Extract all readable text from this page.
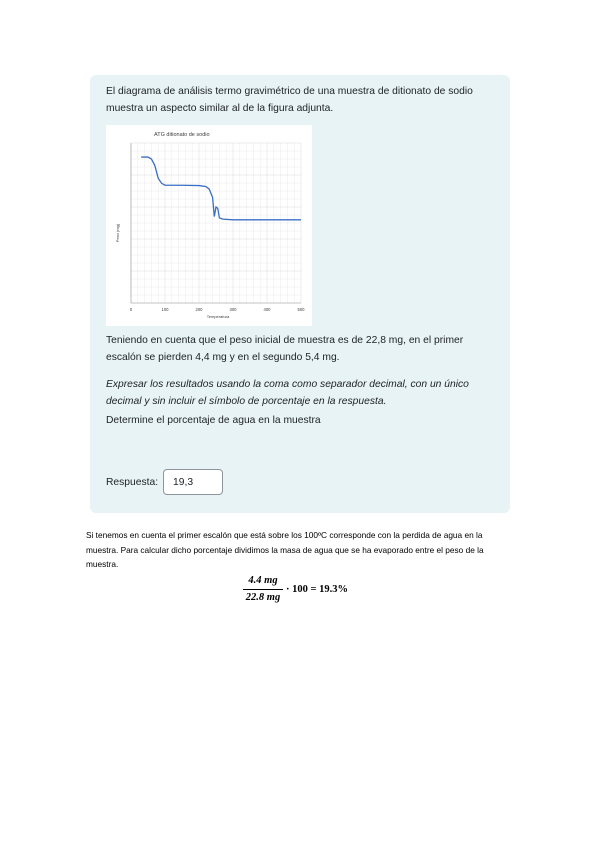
El diagrama de análisis termo gravimétrico de una muestra de ditionato de sodio muestra un aspecto similar al de la figura adjunta.
ATG ditionato de sodio
0	100	200	300	400	500
Peso (mg)
Temperatura
Teniendo en cuenta que el peso inicial de muestra es de 22,8 mg, en el primer escalón se pierden 4,4 mg y en el segundo 5,4 mg.
Expresar los resultados usando la coma como separador decimal, con un único decimal y sin incluir el símbolo de porcentaje en la respuesta.
Determine el porcentaje de agua en la muestra
Respuesta:	19,3
Si tenemos en cuenta el primer escalón que está sobre los 100ºC corresponde con la perdida de agua en la muestra. Para calcular dicho porcentaje dividimos la masa de agua que se ha evaporado entre el peso de la muestra.
4.4 mg
22.8 mg
· 100 = 19.3%
